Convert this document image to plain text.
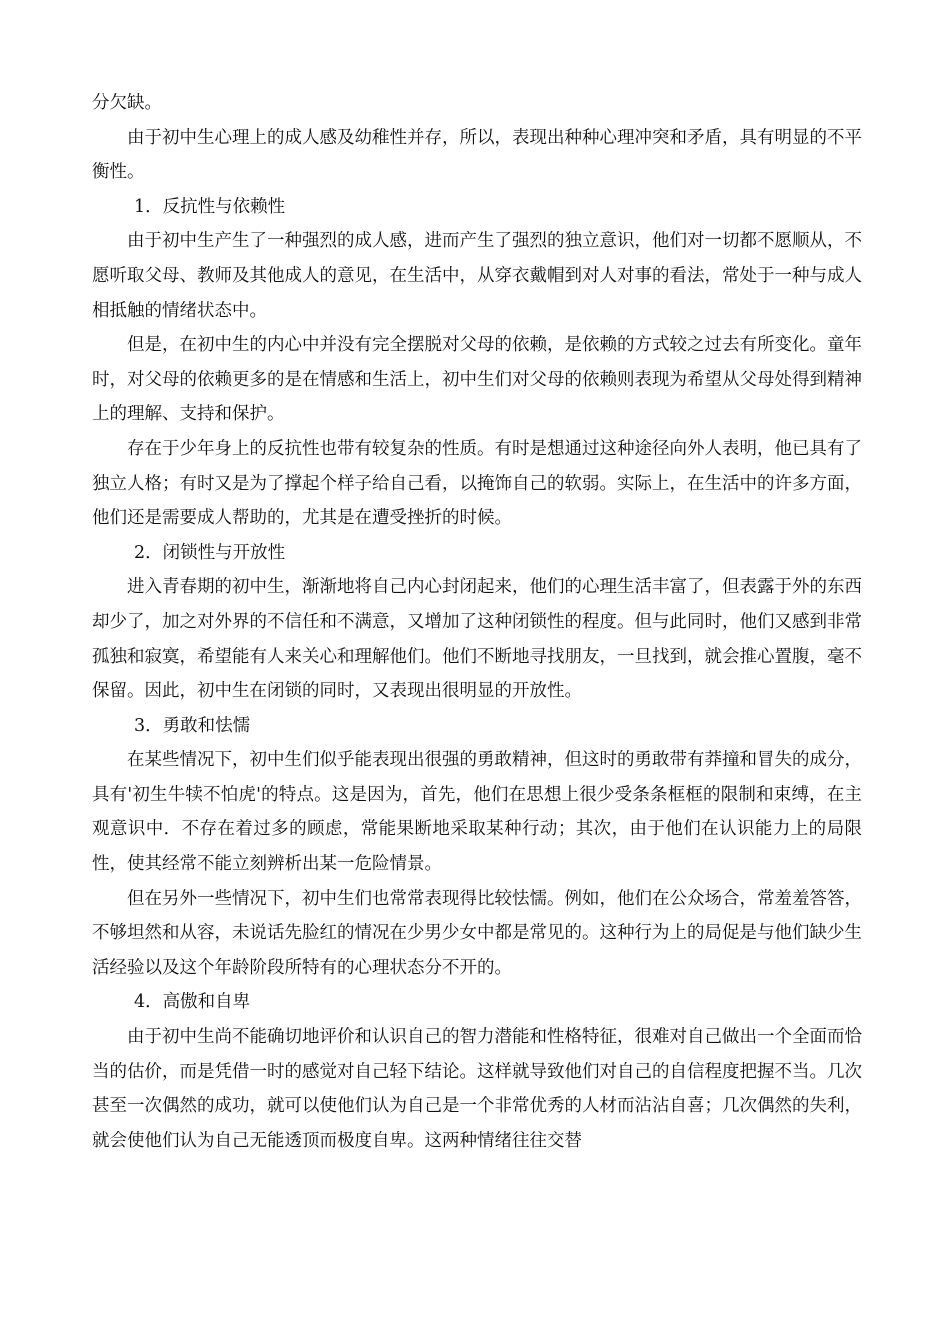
分欠缺。

由于初中生心理上的成人感及幼稚性并存，所以，表现出种种心理冲突和矛盾，具有明显的不平衡性。

1．反抗性与依赖性

由于初中生产生了一种强烈的成人感，进而产生了强烈的独立意识，他们对一切都不愿顺从，不愿听取父母、教师及其他成人的意见，在生活中，从穿衣戴帽到对人对事的看法，常处于一种与成人相抵触的情绪状态中。

但是，在初中生的内心中并没有完全摆脱对父母的依赖，是依赖的方式较之过去有所变化。童年时，对父母的依赖更多的是在情感和生活上，初中生们对父母的依赖则表现为希望从父母处得到精神上的理解、支持和保护。

存在于少年身上的反抗性也带有较复杂的性质。有时是想通过这种途径向外人表明，他已具有了独立人格；有时又是为了撑起个样子给自己看，以掩饰自己的软弱。实际上，在生活中的许多方面，他们还是需要成人帮助的，尤其是在遭受挫折的时候。

2．闭锁性与开放性

进入青春期的初中生，渐渐地将自己内心封闭起来，他们的心理生活丰富了，但表露于外的东西却少了，加之对外界的不信任和不满意，又增加了这种闭锁性的程度。但与此同时，他们又感到非常孤独和寂寞，希望能有人来关心和理解他们。他们不断地寻找朋友，一旦找到，就会推心置腹，毫不保留。因此，初中生在闭锁的同时，又表现出很明显的开放性。

3．勇敢和怯懦

在某些情况下，初中生们似乎能表现出很强的勇敢精神，但这时的勇敢带有莽撞和冒失的成分，具有'初生牛犊不怕虎'的特点。这是因为，首先，他们在思想上很少受条条框框的限制和束缚，在主观意识中．不存在着过多的顾虑，常能果断地采取某种行动；其次，由于他们在认识能力上的局限性，使其经常不能立刻辨析出某一危险情景。

但在另外一些情况下，初中生们也常常表现得比较怯懦。例如，他们在公众场合，常羞羞答答，不够坦然和从容，未说话先脸红的情况在少男少女中都是常见的。这种行为上的局促是与他们缺少生活经验以及这个年龄阶段所特有的心理状态分不开的。

4．高傲和自卑

由于初中生尚不能确切地评价和认识自己的智力潜能和性格特征，很难对自己做出一个全面而恰当的估价，而是凭借一时的感觉对自己轻下结论。这样就导致他们对自己的自信程度把握不当。几次甚至一次偶然的成功，就可以使他们认为自己是一个非常优秀的人材而沾沾自喜；几次偶然的失利，就会使他们认为自己无能透顶而极度自卑。这两种情绪往往交替
